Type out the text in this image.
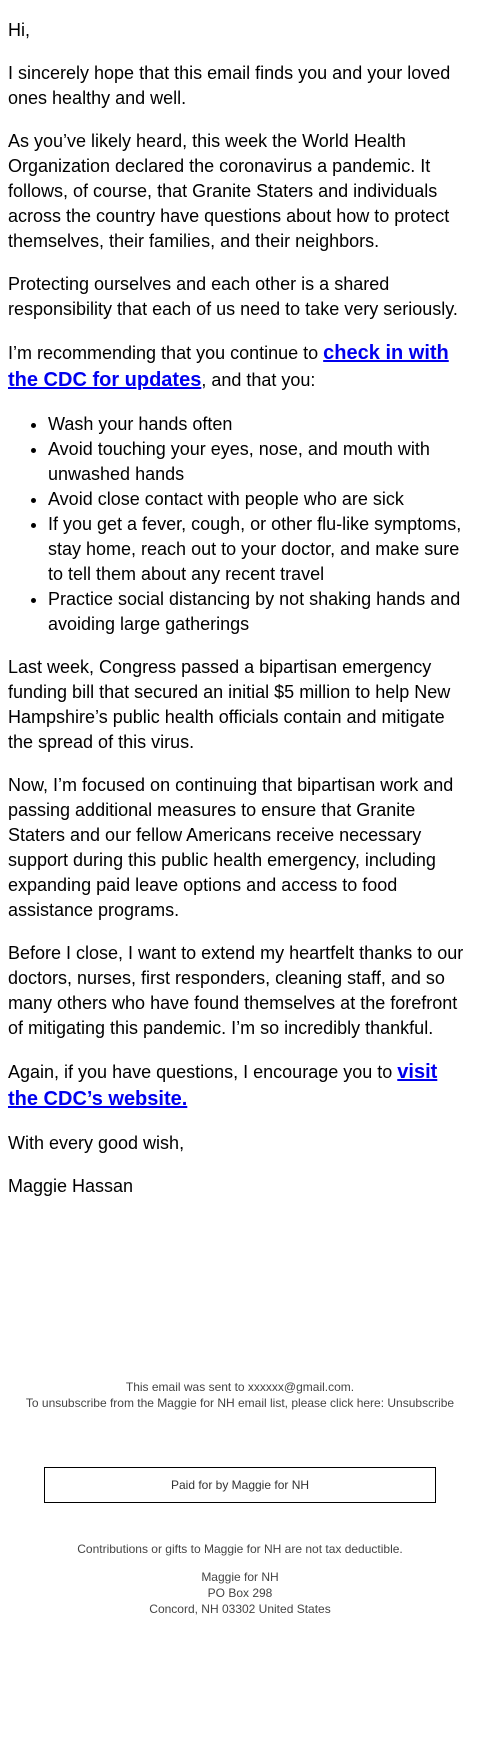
Hi,

I sincerely hope that this email finds you and your loved ones healthy and well.

As you’ve likely heard, this week the World Health Organization declared the coronavirus a pandemic. It follows, of course, that Granite Staters and individuals across the country have questions about how to protect themselves, their families, and their neighbors.

Protecting ourselves and each other is a shared responsibility that each of us need to take very seriously.

I’m recommending that you continue to check in with the CDC for updates, and that you:

• Wash your hands often
• Avoid touching your eyes, nose, and mouth with unwashed hands
• Avoid close contact with people who are sick
• If you get a fever, cough, or other flu-like symptoms, stay home, reach out to your doctor, and make sure to tell them about any recent travel
• Practice social distancing by not shaking hands and avoiding large gatherings

Last week, Congress passed a bipartisan emergency funding bill that secured an initial $5 million to help New Hampshire’s public health officials contain and mitigate the spread of this virus.

Now, I’m focused on continuing that bipartisan work and passing additional measures to ensure that Granite Staters and our fellow Americans receive necessary support during this public health emergency, including expanding paid leave options and access to food assistance programs.

Before I close, I want to extend my heartfelt thanks to our doctors, nurses, first responders, cleaning staff, and so many others who have found themselves at the forefront of mitigating this pandemic. I’m so incredibly thankful.

Again, if you have questions, I encourage you to visit the CDC’s website.

With every good wish,

Maggie Hassan

This email was sent to xxxxxx@gmail.com.

To unsubscribe from the Maggie for NH email list, please click here: Unsubscribe

Paid for by Maggie for NH

Contributions or gifts to Maggie for NH are not tax deductible.

Maggie for NH

PO Box 298

Concord, NH 03302 United States
